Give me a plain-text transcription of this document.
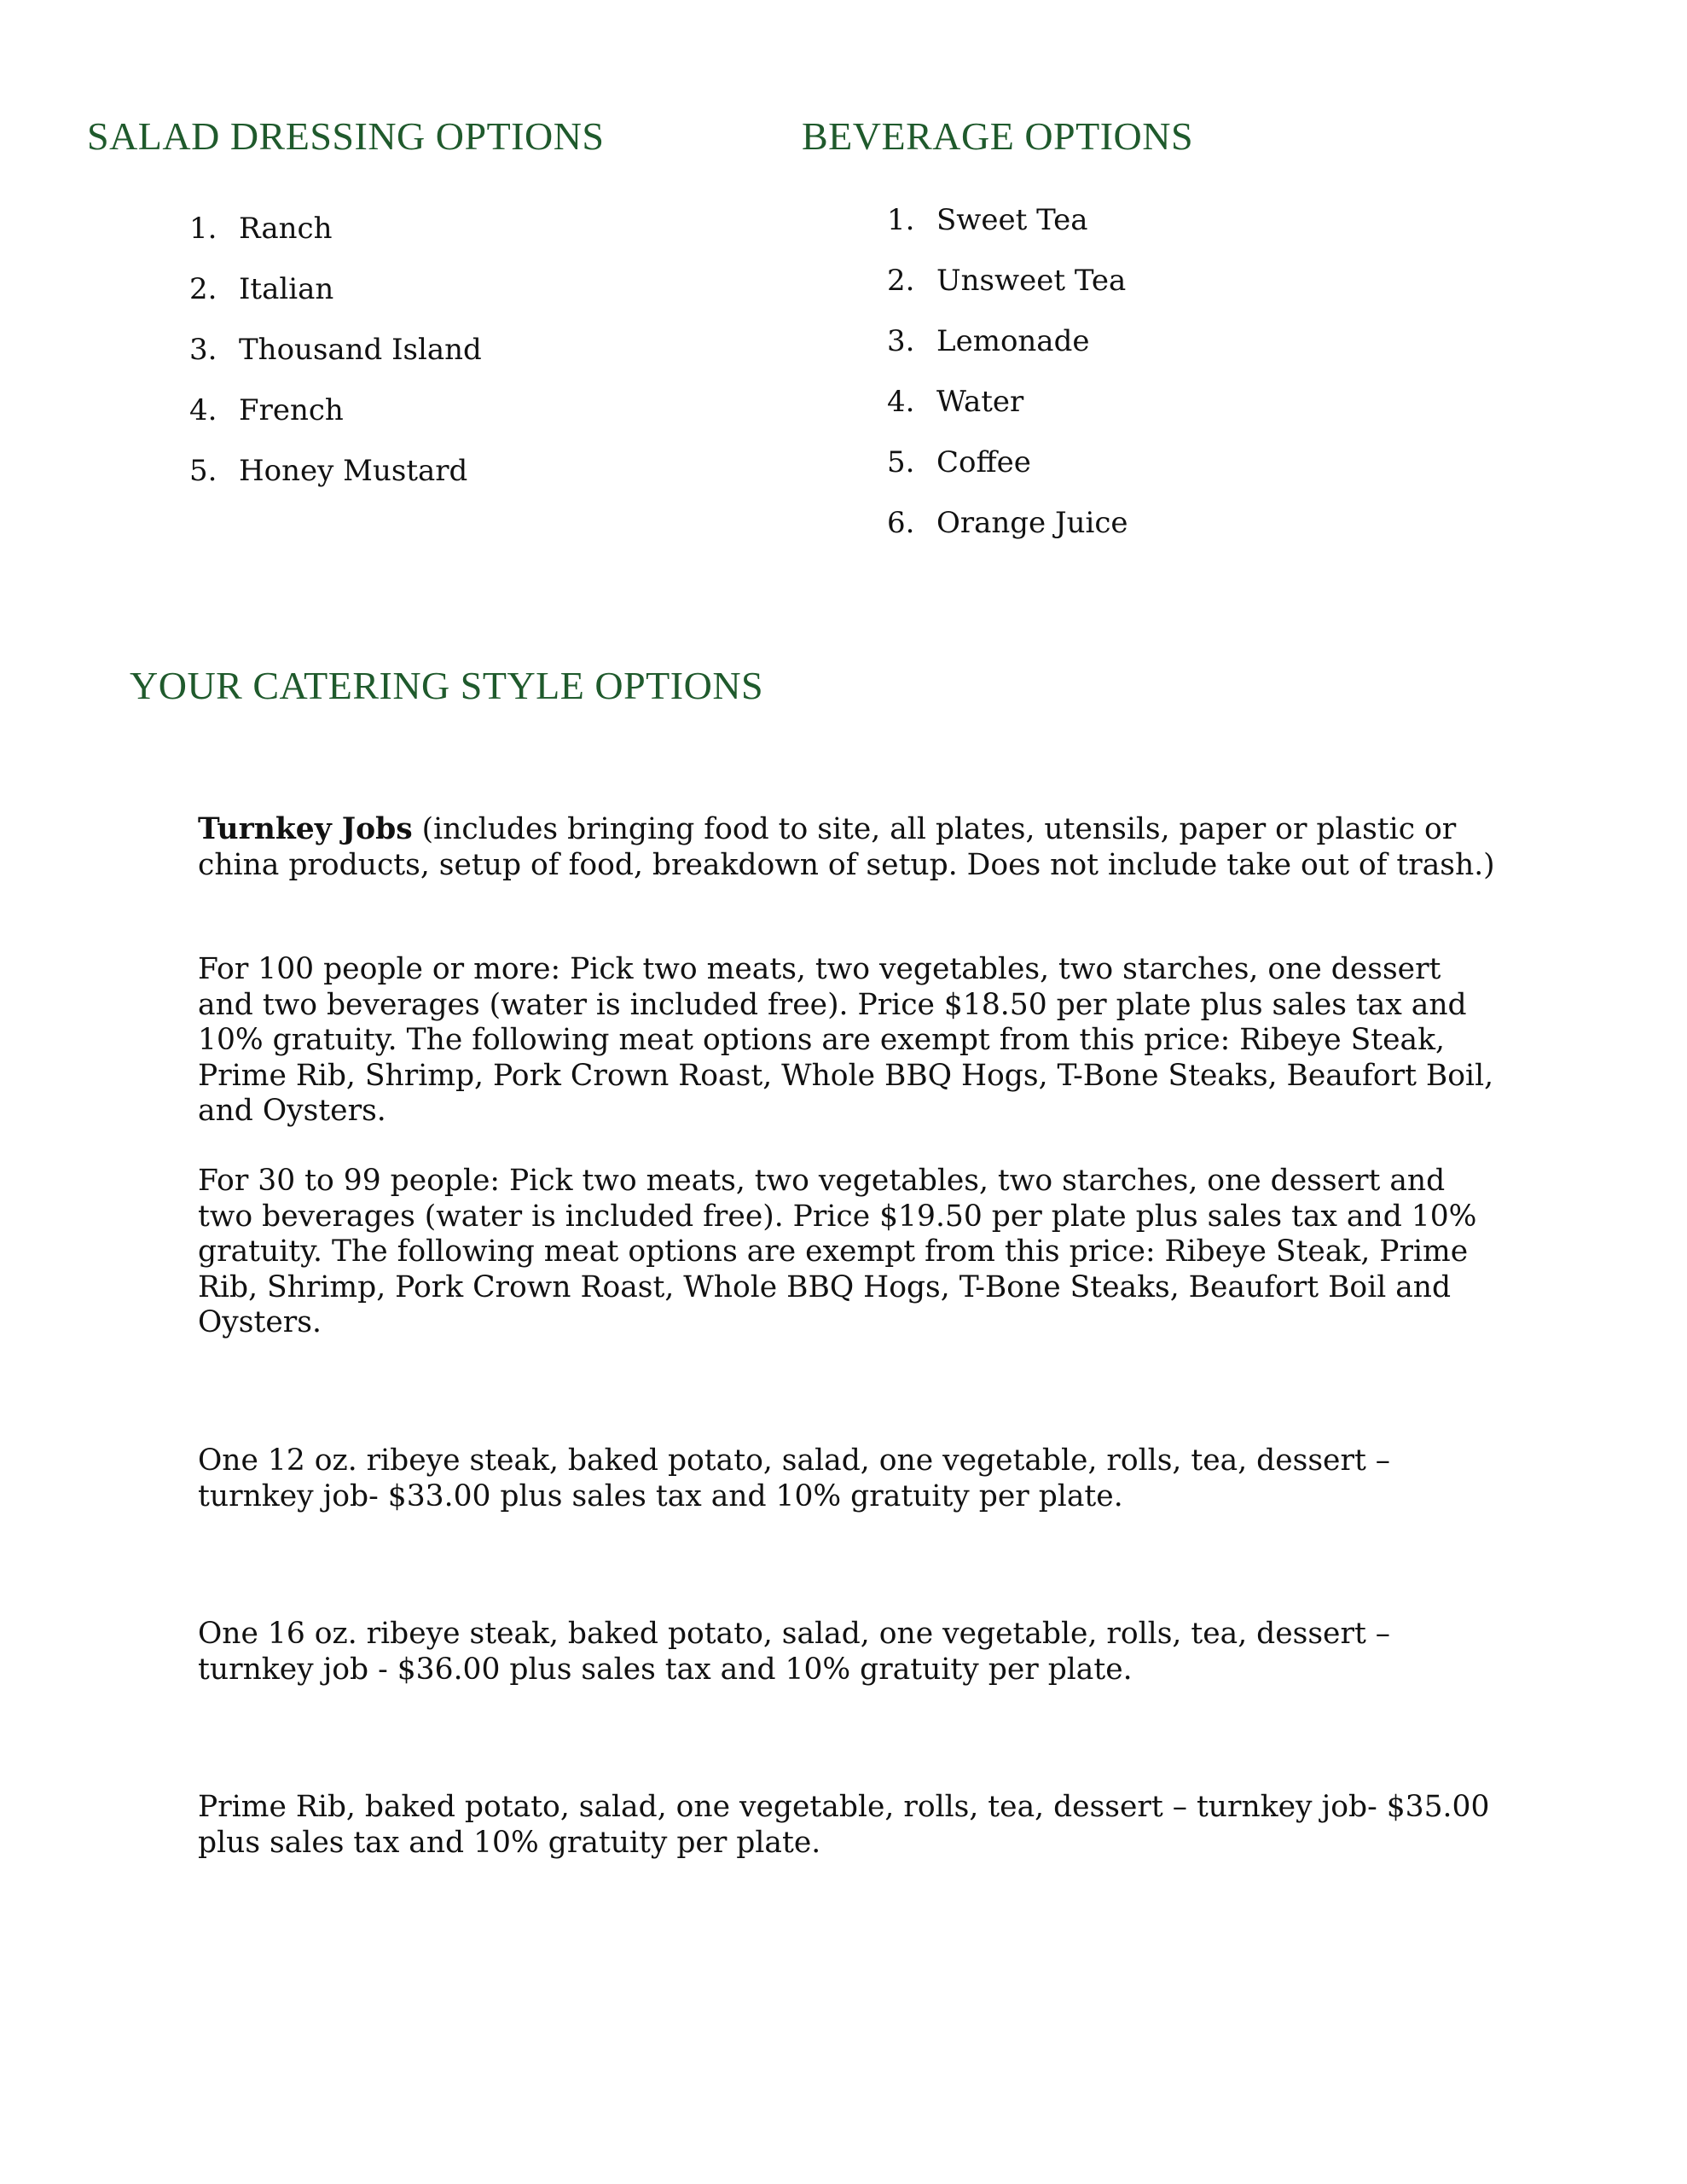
SALAD DRESSING OPTIONS	BEVERAGE OPTIONS
1. Ranch
2. Italian
3. Thousand Island
4. French
5. Honey Mustard
1. Sweet Tea
2. Unsweet Tea
3. Lemonade
4. Water
5. Coffee
6. Orange Juice
YOUR CATERING STYLE OPTIONS

Turnkey Jobs (includes bringing food to site, all plates, utensils, paper or plastic or china products, setup of food, breakdown of setup. Does not include take out of trash.)

For 100 people or more: Pick two meats, two vegetables, two starches, one dessert and two beverages (water is included free). Price $18.50 per plate plus sales tax and 10% gratuity. The following meat options are exempt from this price: Ribeye Steak, Prime Rib, Shrimp, Pork Crown Roast, Whole BBQ Hogs, T-Bone Steaks, Beaufort Boil, and Oysters.

For 30 to 99 people: Pick two meats, two vegetables, two starches, one dessert and two beverages (water is included free). Price $19.50 per plate plus sales tax and 10% gratuity. The following meat options are exempt from this price: Ribeye Steak, Prime Rib, Shrimp, Pork Crown Roast, Whole BBQ Hogs, T-Bone Steaks, Beaufort Boil and Oysters.

One 12 oz. ribeye steak, baked potato, salad, one vegetable, rolls, tea, dessert – turnkey job- $33.00 plus sales tax and 10% gratuity per plate.

One 16 oz. ribeye steak, baked potato, salad, one vegetable, rolls, tea, dessert – turnkey job - $36.00 plus sales tax and 10% gratuity per plate.

Prime Rib, baked potato, salad, one vegetable, rolls, tea, dessert – turnkey job- $35.00 plus sales tax and 10% gratuity per plate.
